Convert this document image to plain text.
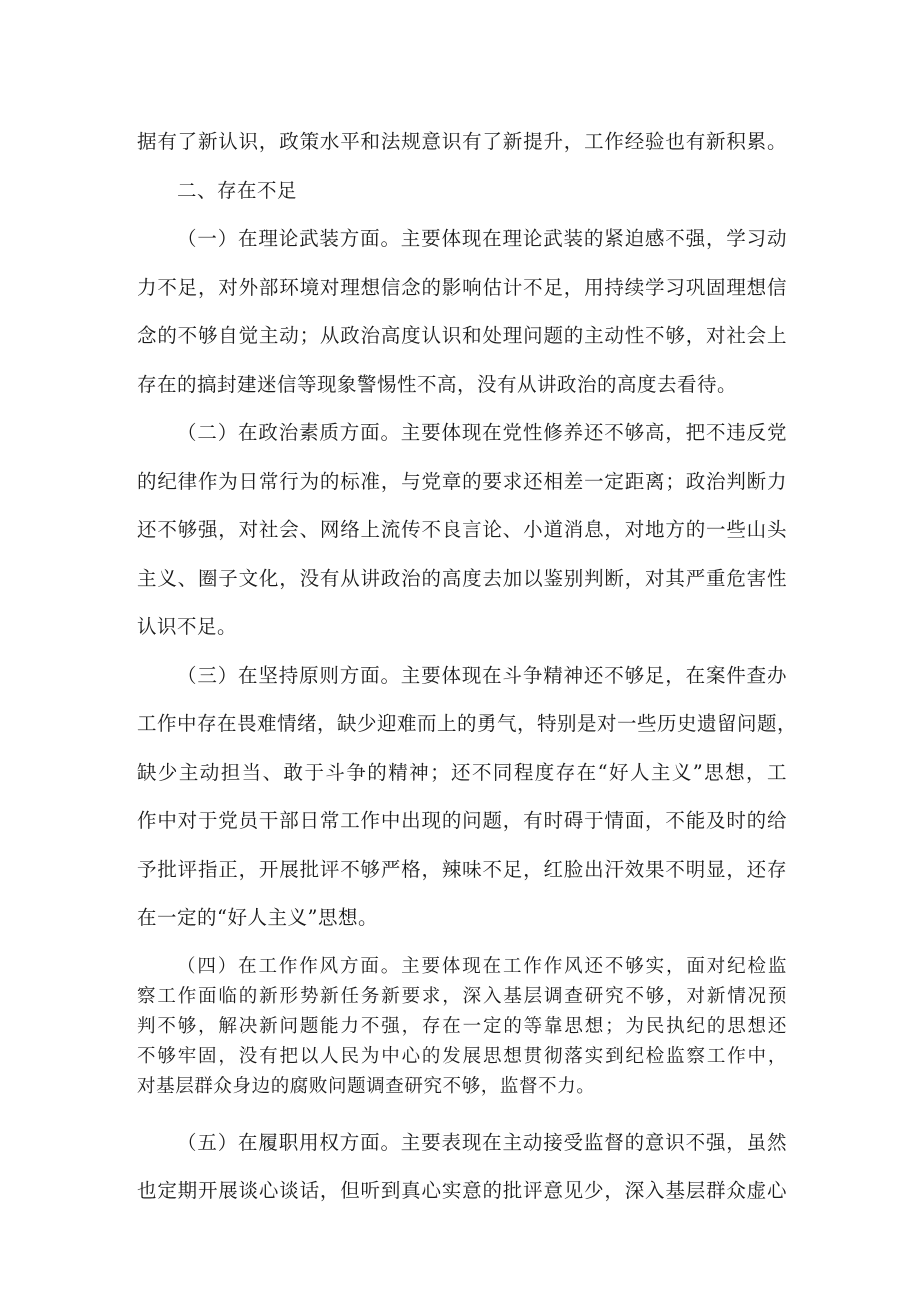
据有了新认识，政策水平和法规意识有了新提升，工作经验也有新积累。
二、存在不足
（一）在理论武装方面。主要体现在理论武装的紧迫感不强，学习动
力不足，对外部环境对理想信念的影响估计不足，用持续学习巩固理想信
念的不够自觉主动；从政治高度认识和处理问题的主动性不够，对社会上
存在的搞封建迷信等现象警惕性不高，没有从讲政治的高度去看待。
（二）在政治素质方面。主要体现在党性修养还不够高，把不违反党
的纪律作为日常行为的标准，与党章的要求还相差一定距离；政治判断力
还不够强，对社会、网络上流传不良言论、小道消息，对地方的一些山头
主义、圈子文化，没有从讲政治的高度去加以鉴别判断，对其严重危害性
认识不足。
（三）在坚持原则方面。主要体现在斗争精神还不够足，在案件查办
工作中存在畏难情绪，缺少迎难而上的勇气，特别是对一些历史遗留问题，
缺少主动担当、敢于斗争的精神；还不同程度存在“好人主义”思想，工
作中对于党员干部日常工作中出现的问题，有时碍于情面，不能及时的给
予批评指正，开展批评不够严格，辣味不足，红脸出汗效果不明显，还存
在一定的“好人主义”思想。
（四）在工作作风方面。主要体现在工作作风还不够实，面对纪检监
察工作面临的新形势新任务新要求，深入基层调查研究不够，对新情况预
判不够，解决新问题能力不强，存在一定的等靠思想；为民执纪的思想还
不够牢固，没有把以人民为中心的发展思想贯彻落实到纪检监察工作中，
对基层群众身边的腐败问题调查研究不够，监督不力。
（五）在履职用权方面。主要表现在主动接受监督的意识不强，虽然
也定期开展谈心谈话，但听到真心实意的批评意见少，深入基层群众虚心
